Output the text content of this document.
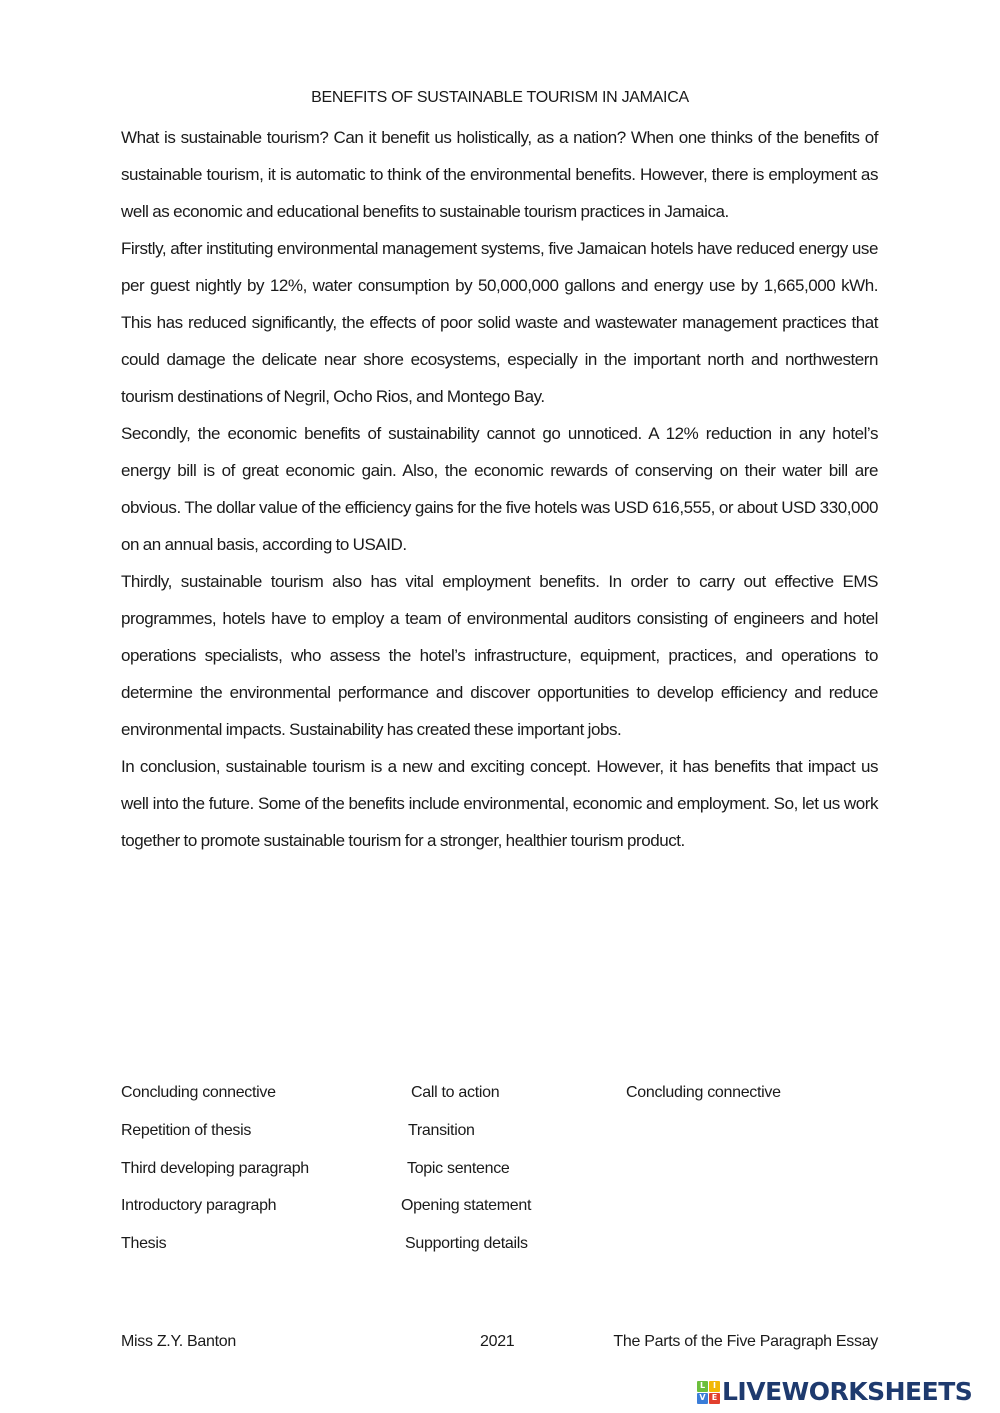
BENEFITS OF SUSTAINABLE TOURISM IN JAMAICA

What is sustainable tourism? Can it benefit us holistically, as a nation? When one thinks of the benefits of sustainable tourism, it is automatic to think of the environmental benefits. However, there is employment as well as economic and educational benefits to sustainable tourism practices in Jamaica.

Firstly, after instituting environmental management systems, five Jamaican hotels have reduced energy use per guest nightly by 12%, water consumption by 50,000,000 gallons and energy use by 1,665,000 kWh. This has reduced significantly, the effects of poor solid waste and wastewater management practices that could damage the delicate near shore ecosystems, especially in the important north and northwestern tourism destinations of Negril, Ocho Rios, and Montego Bay.

Secondly, the economic benefits of sustainability cannot go unnoticed. A 12% reduction in any hotel’s energy bill is of great economic gain. Also, the economic rewards of conserving on their water bill are obvious. The dollar value of the efficiency gains for the five hotels was USD 616,555, or about USD 330,000 on an annual basis, according to USAID.

Thirdly, sustainable tourism also has vital employment benefits. In order to carry out effective EMS programmes, hotels have to employ a team of environmental auditors consisting of engineers and hotel operations specialists, who assess the hotel’s infrastructure, equipment, practices, and operations to determine the environmental performance and discover opportunities to develop efficiency and reduce environmental impacts. Sustainability has created these important jobs.

In conclusion, sustainable tourism is a new and exciting concept. However, it has benefits that impact us well into the future. Some of the benefits include environmental, economic and employment. So, let us work together to promote sustainable tourism for a stronger, healthier tourism product.

Concluding connective
Repetition of thesis
Third developing paragraph
Introductory paragraph
Thesis
Call to action
Transition
Topic sentence
Opening statement
Supporting details
Concluding connective
Miss Z.Y. Banton	2021	The Parts of the Five Paragraph Essay
L I
V E LIVEWORKSHEETS
